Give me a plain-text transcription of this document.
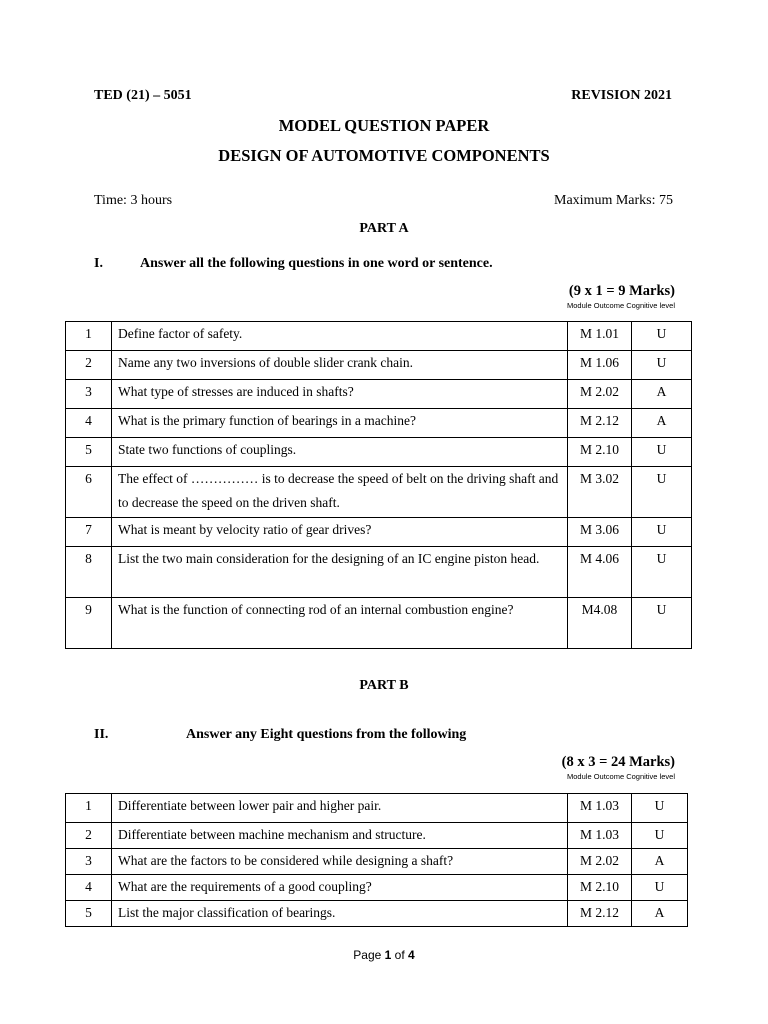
TED (21) – 5051	REVISION 2021
MODEL QUESTION PAPER
DESIGN OF AUTOMOTIVE COMPONENTS
Time: 3 hours	Maximum Marks: 75
PART A
I.	Answer all the following questions in one word or sentence.
(9 x 1 = 9 Marks)
Module Outcome Cognitive level
1	Define factor of safety.	M 1.01	U
2	Name any two inversions of double slider crank chain.	M 1.06	U
3	What type of stresses are induced in shafts?	M 2.02	A
4	What is the primary function of bearings in a machine?	M 2.12	A
5	State two functions of couplings.	M 2.10	U
6	The effect of …………… is to decrease the speed of belt on the driving shaft and to decrease the speed on the driven shaft.	M 3.02	U
7	What is meant by velocity ratio of gear drives?	M 3.06	U
8	List the two main consideration for the designing of an IC engine piston head.	M 4.06	U
9	What is the function of connecting rod of an internal combustion engine?	M4.08	U
PART B
II.	Answer any Eight questions from the following
(8 x 3 = 24 Marks)
Module Outcome Cognitive level
1	Differentiate between lower pair and higher pair.	M 1.03	U
2	Differentiate between machine mechanism and structure.	M 1.03	U
3	What are the factors to be considered while designing a shaft?	M 2.02	A
4	What are the requirements of a good coupling?	M 2.10	U
5	List the major classification of bearings.	M 2.12	A
Page 1 of 4
